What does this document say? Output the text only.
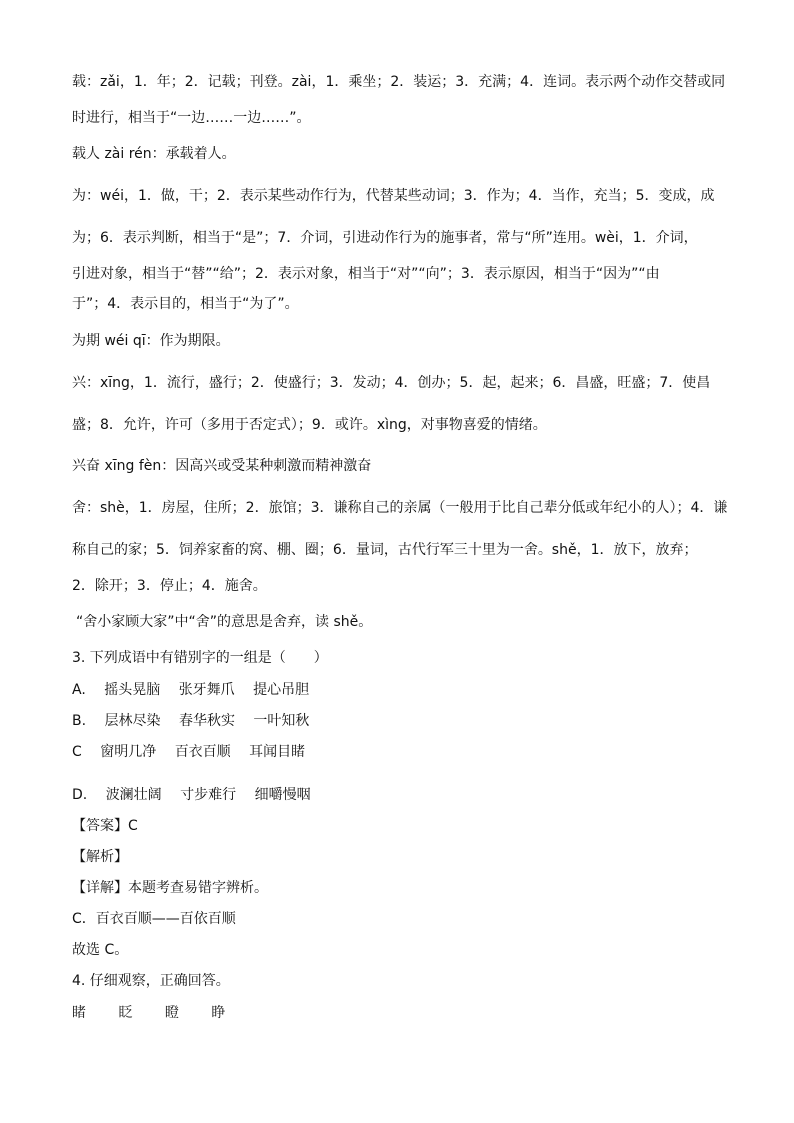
载：zǎi，1．年；2．记载；刊登。zài，1．乘坐；2．装运；3．充满；4．连词。表示两个动作交替或同
时进行，相当于“一边……一边……”。
载人 zài rén：承载着人。
为：wéi，1．做，干；2．表示某些动作行为，代替某些动词；3．作为；4．当作，充当；5．变成，成
为；6．表示判断，相当于“是”；7．介词，引进动作行为的施事者，常与“所”连用。wèi，1．介词，
引进对象，相当于“替”“给”；2．表示对象，相当于“对”“向”；3．表示原因，相当于“因为”“由
于”；4．表示目的，相当于“为了”。
为期 wéi qī：作为期限。
兴：xīng，1．流行，盛行；2．使盛行；3．发动；4．创办；5．起，起来；6．昌盛，旺盛；7．使昌
盛；8．允许，许可（多用于否定式）；9．或许。xìng，对事物喜爱的情绪。
兴奋 xīng fèn：因高兴或受某种刺激而精神激奋
舍：shè，1．房屋，住所；2．旅馆；3．谦称自己的亲属（一般用于比自己辈分低或年纪小的人）；4．谦
称自己的家；5．饲养家畜的窝、棚、圈；6．量词，古代行军三十里为一舍。shě，1．放下，放弃；
2．除开；3．停止；4．施舍。
“舍小家顾大家”中“舍”的意思是舍弃，读 shě。
3. 下列成语中有错别字的一组是（　　）
A. 摇头晃脑 张牙舞爪 提心吊胆
B. 层林尽染 春华秋实 一叶知秋
C 窗明几净 百衣百顺 耳闻目睹
D. 波澜壮阔 寸步难行 细嚼慢咽
【答案】C
【解析】
【详解】本题考查易错字辨析。
C．百衣百顺——百依百顺
故选 C。
4. 仔细观察，正确回答。
睹 眨 瞪 睁
